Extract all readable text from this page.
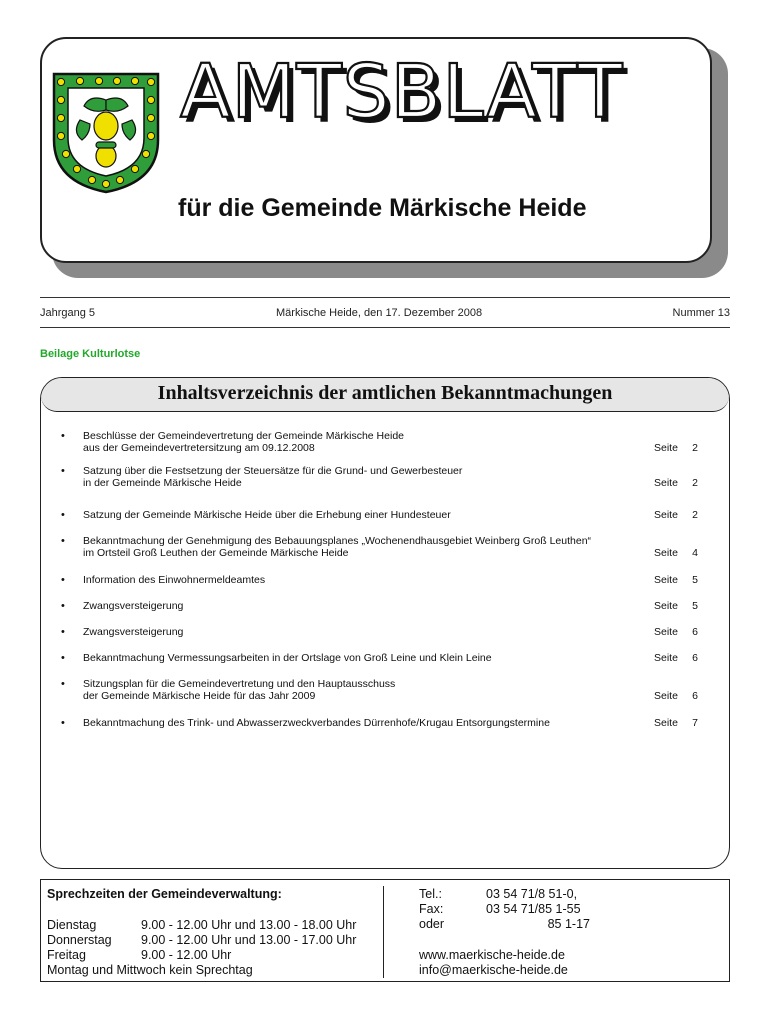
AMTSBLATT
für die Gemeinde Märkische Heide
Jahrgang 5	Märkische Heide, den 17. Dezember 2008	Nummer 13
Beilage Kulturlotse
Inhaltsverzeichnis der amtlichen Bekanntmachungen
• Beschlüsse der Gemeindevertretung der Gemeinde Märkische Heide
aus der Gemeindevertretersitzung am 09.12.2008	Seite 2
• Satzung über die Festsetzung der Steuersätze für die Grund- und Gewerbesteuer
in der Gemeinde Märkische Heide	Seite 2
• Satzung der Gemeinde Märkische Heide über die Erhebung einer Hundesteuer	Seite 2
• Bekanntmachung der Genehmigung des Bebauungsplanes „Wochenendhausgebiet Weinberg Groß Leuthen“
im Ortsteil Groß Leuthen der Gemeinde Märkische Heide	Seite 4
• Information des Einwohnermeldeamtes	Seite 5
• Zwangsversteigerung	Seite 5
• Zwangsversteigerung	Seite 6
• Bekanntmachung Vermessungsarbeiten in der Ortslage von Groß Leine und Klein Leine	Seite 6
• Sitzungsplan für die Gemeindevertretung und den Hauptausschuss
der Gemeinde Märkische Heide für das Jahr 2009	Seite 6
• Bekanntmachung des Trink- und Abwasserzweckverbandes Dürrenhofe/Krugau Entsorgungstermine	Seite 7
Sprechzeiten der Gemeindeverwaltung:
Dienstag	9.00 - 12.00 Uhr und 13.00 - 18.00 Uhr
Donnerstag 9.00 - 12.00 Uhr und 13.00 - 17.00 Uhr
Freitag	9.00 - 12.00 Uhr
Montag und Mittwoch kein Sprechtag
Tel.:	03 54 71/8 51-0,
Fax:	03 54 71/85 1-55
oder	85 1-17
www.maerkische-heide.de
info@maerkische-heide.de
